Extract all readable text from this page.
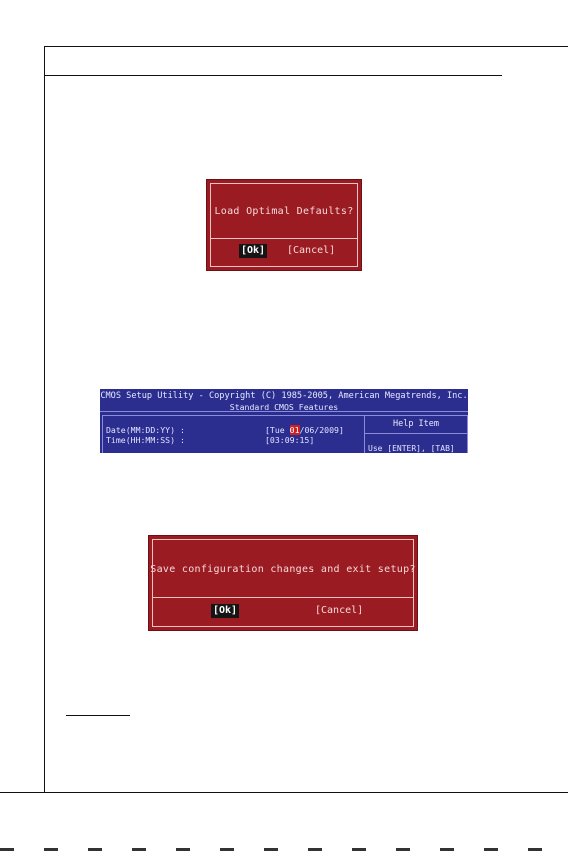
Load Optimal Defaults?
[Ok] [Cancel]
CMOS Setup Utility - Copyright (C) 1985-2005, American Megatrends, Inc.
Standard CMOS Features
Date(MM:DD:YY) :	[Tue 01/06/2009]
Time(HH:MM:SS) :	[03:09:15]
Help Item
Use [ENTER], [TAB]
Save configuration changes and exit setup?
[Ok]	[Cancel]
